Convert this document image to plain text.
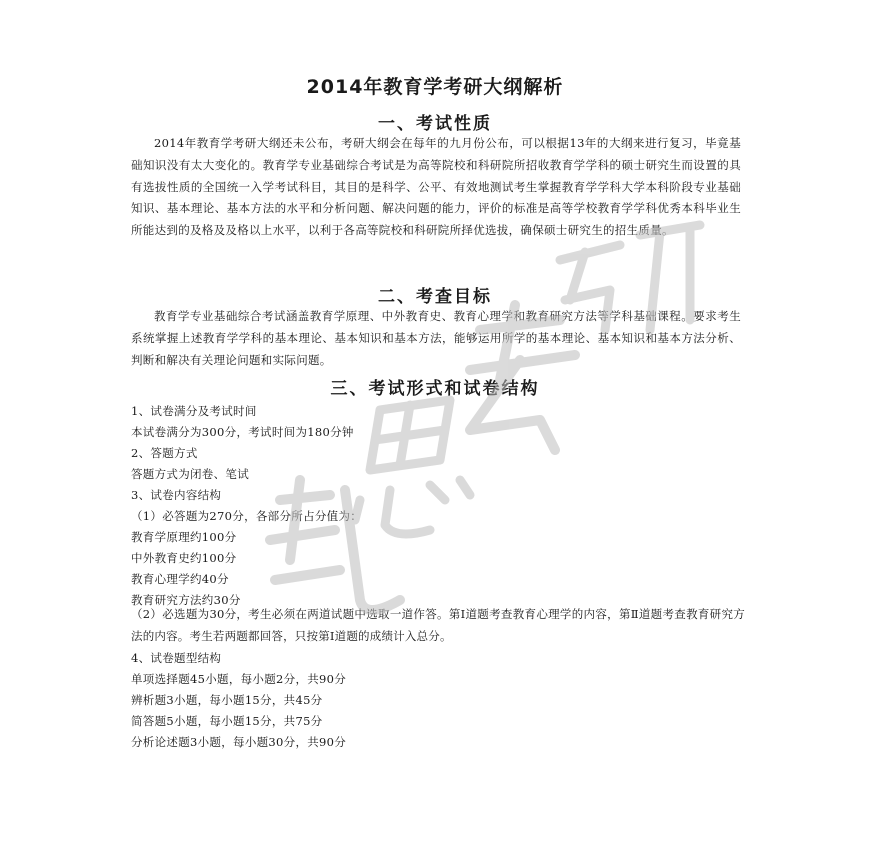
2014年教育学考研大纲解析
一、考试性质
2014年教育学考研大纲还未公布，考研大纲会在每年的九月份公布，可以根据13年的大纲来进行复习，毕竟基础知识没有太大变化的。教育学专业基础综合考试是为高等院校和科研院所招收教育学学科的硕士研究生而设置的具有选拔性质的全国统一入学考试科目，其目的是科学、公平、有效地测试考生掌握教育学学科大学本科阶段专业基础知识、基本理论、基本方法的水平和分析问题、解决问题的能力，评价的标准是高等学校教育学学科优秀本科毕业生所能达到的及格及及格以上水平，以利于各高等院校和科研院所择优选拔，确保硕士研究生的招生质量。
二、考查目标
教育学专业基础综合考试涵盖教育学原理、中外教育史、教育心理学和教育研究方法等学科基础课程。要求考生系统掌握上述教育学学科的基本理论、基本知识和基本方法，能够运用所学的基本理论、基本知识和基本方法分析、判断和解决有关理论问题和实际问题。
三、考试形式和试卷结构
1、试卷满分及考试时间
本试卷满分为300分，考试时间为180分钟
2、答题方式
答题方式为闭卷、笔试
3、试卷内容结构
（1）必答题为270分，各部分所占分值为：
教育学原理约100分
中外教育史约100分
教育心理学约40分
教育研究方法约30分
（2）必选题为30分，考生必须在两道试题中选取一道作答。第Ⅰ道题考查教育心理学的内容，第Ⅱ道题考查教育研究方法的内容。考生若两题都回答，只按第Ⅰ道题的成绩计入总分。
4、试卷题型结构
单项选择题45小题，每小题2分，共90分
辨析题3小题，每小题15分，共45分
简答题5小题，每小题15分，共75分
分析论述题3小题，每小题30分，共90分
